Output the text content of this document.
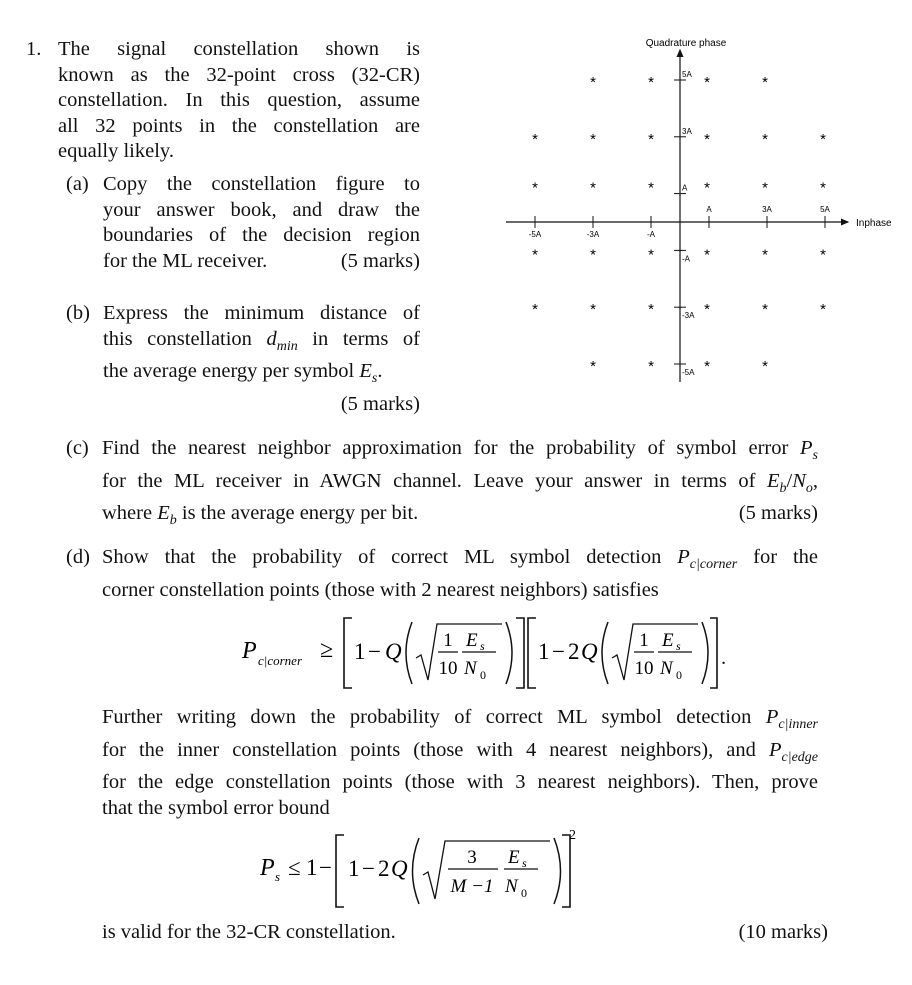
1. The signal constellation shown is
known as the 32-point cross (32-CR)
constellation. In this question, assume
all 32 points in the constellation are
equally likely.
(a) Copy the constellation figure to
your answer book, and draw the
boundaries of the decision region
for the ML receiver.	(5 marks)
(b) Express the minimum distance of
this constellation $d_{min}$ in terms of
the average energy per symbol $E_s$.
(5 marks)
(c) Find the nearest neighbor approximation for the probability of symbol error $P_s$
for the ML receiver in AWGN channel. Leave your answer in terms of $E_b/N_o$,
where $E_b$ is the average energy per bit.	(5 marks)
(d) Show that the probability of correct ML symbol detection $P_{c|corner}$ for the
corner constellation points (those with 2 nearest neighbors) satisfies
P c|corner ≥ 1 − Q 1
10
E s
N 0
1 − 2 Q 1
10
E s
N 0
.
Further writing down the probability of correct ML symbol detection $P_{c|inner}$
for the inner constellation points (those with 4 nearest neighbors), and $P_{c|edge}$
for the edge constellation points (those with 3 nearest neighbors). Then, prove
that the symbol error bound
P s ≤ 1 − 1 − 2 Q	3
M −1
E s
N 0
2
is valid for the 32-CR constellation.	(10 marks)
Quadrature phase
Inphase
-5A	-3A	-A
A	3A	5A
5A
3A
A
-A
-3A
-5A
*	*	*	*
*	*	*	*	*	*
*	*	*	*	*	*
*	*	*	*	*	*
*	*	*	*	*	*
*	*	*	*
